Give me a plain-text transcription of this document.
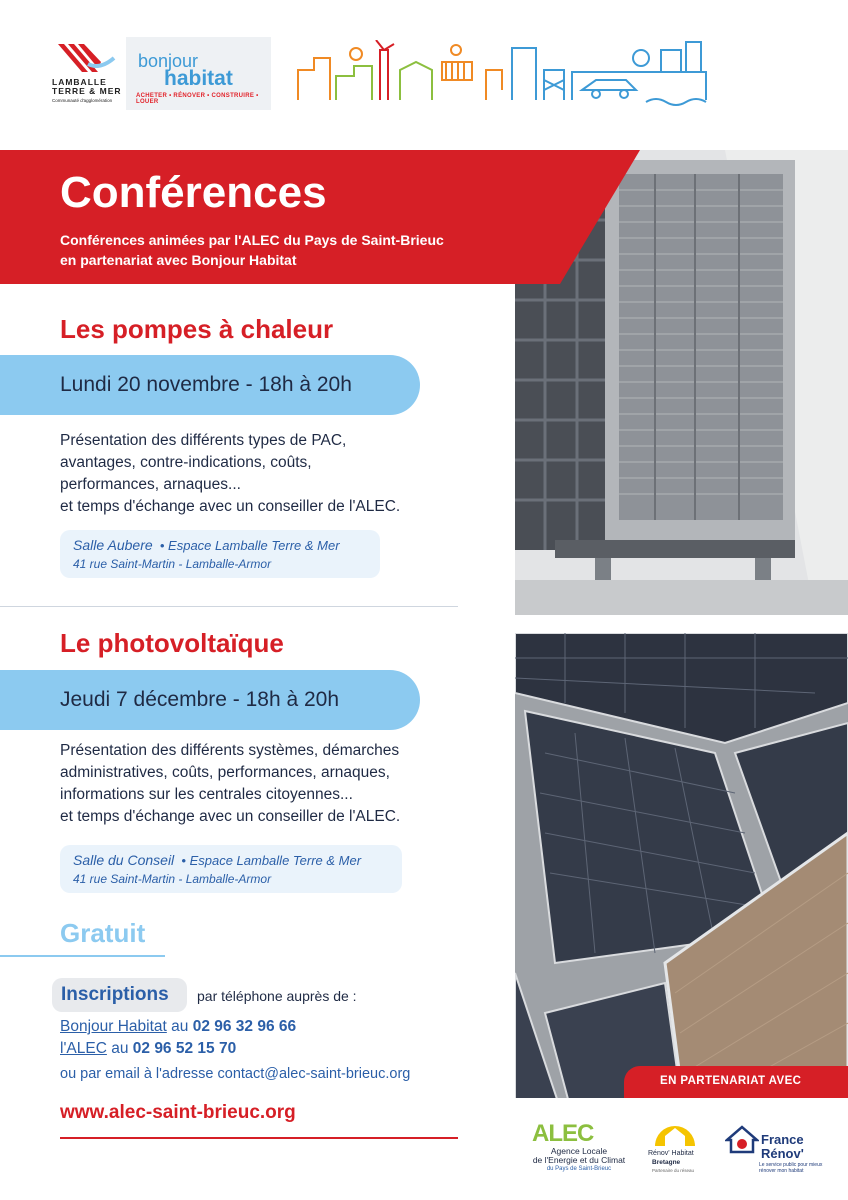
LAMBALLE
TERRE & MER
Communauté d'agglomération
bonjour
habitat
ACHETER • RÉNOVER • CONSTRUIRE • LOUER
Conférences
Conférences animées par l'ALEC du Pays de Saint-Brieuc
en partenariat avec Bonjour Habitat
Les pompes à chaleur
Lundi 20 novembre - 18h à 20h
Présentation des différents types de PAC,
avantages, contre-indications, coûts,
performances, arnaques...
et temps d'échange avec un conseiller de l'ALEC.
Salle Aubere • Espace Lamballe Terre & Mer
41 rue Saint-Martin - Lamballe-Armor
Le photovoltaïque
Jeudi 7 décembre - 18h à 20h
Présentation des différents systèmes, démarches
administratives, coûts, performances, arnaques,
informations sur les centrales citoyennes...
et temps d'échange avec un conseiller de l'ALEC.
Salle du Conseil • Espace Lamballe Terre & Mer
41 rue Saint-Martin - Lamballe-Armor
Gratuit
Inscriptions par téléphone auprès de :
Bonjour Habitat au 02 96 32 96 66
l'ALEC au 02 96 52 15 70
ou par email à l'adresse contact@alec-saint-brieuc.org
www.alec-saint-brieuc.org
EN PARTENARIAT AVEC
ALEC
Agence Locale
de l'Energie et du Climat
du Pays de Saint-Brieuc
Rénov' Habitat
Bretagne
Partenaire du réseau
France
Rénov'
Le service public pour mieux rénover mon habitat
